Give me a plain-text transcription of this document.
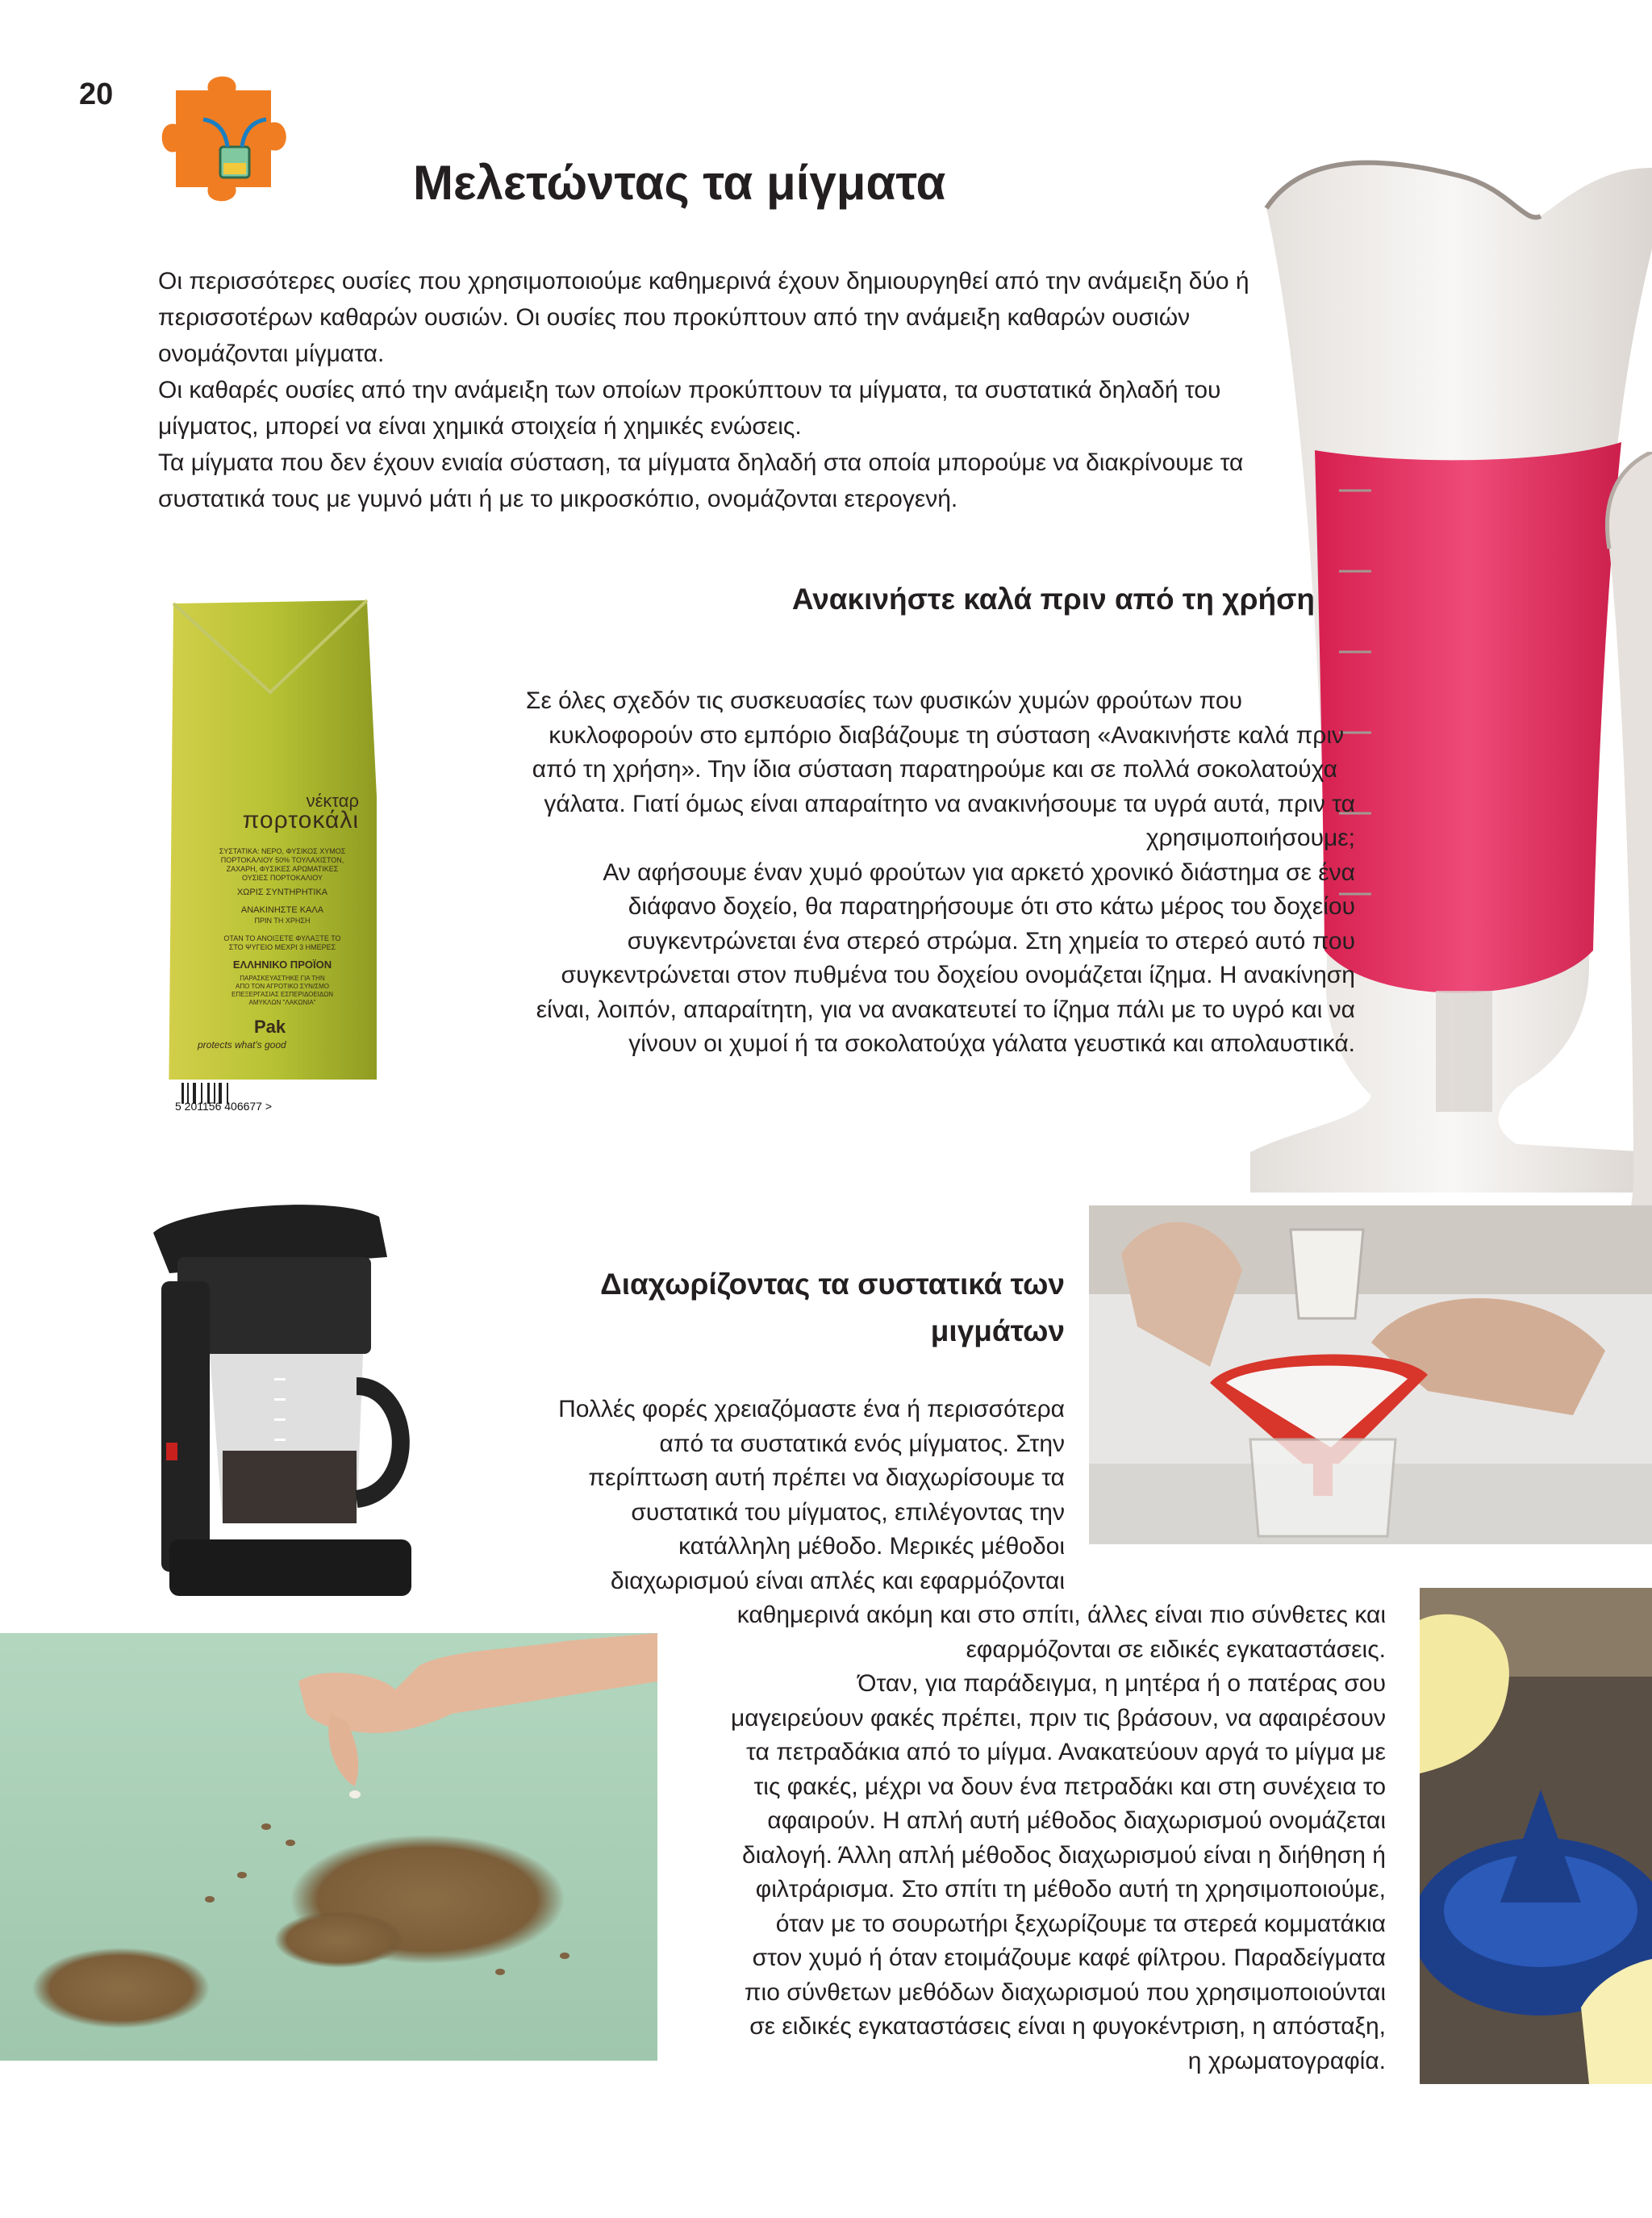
20
Μελετώντας τα μίγματα

Οι περισσότερες ουσίες που χρησιμοποιούμε καθημερινά έχουν δημιουργηθεί από την ανάμειξη δύο ή περισσοτέρων καθαρών ουσιών. Οι ουσίες που προκύπτουν από την ανάμειξη καθαρών ουσιών ονομάζονται μίγματα.

Οι καθαρές ουσίες από την ανάμειξη των οποίων προκύπτουν τα μίγματα, τα συστατικά δηλαδή του μίγματος, μπορεί να είναι χημικά στοιχεία ή χημικές ενώσεις.

Τα μίγματα που δεν έχουν ενιαία σύσταση, τα μίγματα δηλαδή στα οποία μπορούμε να διακρίνουμε τα συστατικά τους με γυμνό μάτι ή με το μικροσκόπιο, ονομάζονται ετερογενή.

νέκταρ
πορτοκάλι
ΣΥΣΤΑΤΙΚΑ: ΝΕΡΟ, ΦΥΣΙΚΟΣ ΧΥΜΟΣ
ΠΟΡΤΟΚΑΛΙΟΥ 50% ΤΟΥΛΑΧΙΣΤΟΝ,
ΖΑΧΑΡΗ, ΦΥΣΙΚΕΣ ΑΡΩΜΑΤΙΚΕΣ
ΟΥΣΙΕΣ ΠΟΡΤΟΚΑΛΙΟΥ
ΧΩΡΙΣ ΣΥΝΤΗΡΗΤΙΚΑ
ΑΝΑΚΙΝΗΣΤΕ ΚΑΛΑ
ΠΡΙΝ ΤΗ ΧΡΗΣΗ
ΟΤΑΝ ΤΟ ΑΝΟΙΞΕΤΕ ΦΥΛΑΞΤΕ ΤΟ
ΣΤΟ ΨΥΓΕΙΟ ΜΕΧΡΙ 3 ΗΜΕΡΕΣ
ΕΛΛΗΝΙΚΟ ΠΡΟΪΟΝ
ΠΑΡΑΣΚΕΥΑΣΤΗΚΕ ΓΙΑ ΤΗΝ
ΑΠΟ ΤΟΝ ΑΓΡΟΤΙΚΟ ΣΥΝ/ΣΜΟ
ΕΠΕΞΕΡΓΑΣΙΑΣ ΕΣΠΕΡΙΔΟΕΙΔΩΝ
ΑΜΥΚΛΩΝ "ΛΑΚΩΝΙΑ"
Pak
protects what's good
5 201156 406677 >
Ανακινήστε καλά πριν από τη χρήση

Σε όλες σχεδόν τις συσκευασίες των φυσικών χυμών φρούτων που

κυκλοφορούν στο εμπόριο διαβάζουμε τη σύσταση «Ανακινήστε καλά πριν

από τη χρήση». Την ίδια σύσταση παρατηρούμε και σε πολλά σοκολατούχα

γάλατα. Γιατί όμως είναι απαραίτητο να ανακινήσουμε τα υγρά αυτά, πριν τα

χρησιμοποιήσουμε;

Αν αφήσουμε έναν χυμό φρούτων για αρκετό χρονικό διάστημα σε ένα

διάφανο δοχείο, θα παρατηρήσουμε ότι στο κάτω μέρος του δοχείου

συγκεντρώνεται ένα στερεό στρώμα. Στη χημεία το στερεό αυτό που

συγκεντρώνεται στον πυθμένα του δοχείου ονομάζεται ίζημα. Η ανακίνηση

είναι, λοιπόν, απαραίτητη, για να ανακατευτεί το ίζημα πάλι με το υγρό και να

γίνουν οι χυμοί ή τα σοκολατούχα γάλατα γευστικά και απολαυστικά.

Διαχωρίζοντας τα συστατικά των
μιγμάτων

Πολλές φορές χρειαζόμαστε ένα ή περισσότερα

από τα συστατικά ενός μίγματος. Στην

περίπτωση αυτή πρέπει να διαχωρίσουμε τα

συστατικά του μίγματος, επιλέγοντας την

κατάλληλη μέθοδο. Μερικές μέθοδοι

διαχωρισμού είναι απλές και εφαρμόζονται

καθημερινά ακόμη και στο σπίτι, άλλες είναι πιο σύνθετες και

εφαρμόζονται σε ειδικές εγκαταστάσεις.

Όταν, για παράδειγμα, η μητέρα ή ο πατέρας σου

μαγειρεύουν φακές πρέπει, πριν τις βράσουν, να αφαιρέσουν

τα πετραδάκια από το μίγμα. Ανακατεύουν αργά το μίγμα με

τις φακές, μέχρι να δουν ένα πετραδάκι και στη συνέχεια το

αφαιρούν. Η απλή αυτή μέθοδος διαχωρισμού ονομάζεται

διαλογή. Άλλη απλή μέθοδος διαχωρισμού είναι η διήθηση ή

φιλτράρισμα. Στο σπίτι τη μέθοδο αυτή τη χρησιμοποιούμε,

όταν με το σουρωτήρι ξεχωρίζουμε τα στερεά κομματάκια

στον χυμό ή όταν ετοιμάζουμε καφέ φίλτρου. Παραδείγματα

πιο σύνθετων μεθόδων διαχωρισμού που χρησιμοποιούνται

σε ειδικές εγκαταστάσεις είναι η φυγοκέντριση, η απόσταξη,

η χρωματογραφία.
